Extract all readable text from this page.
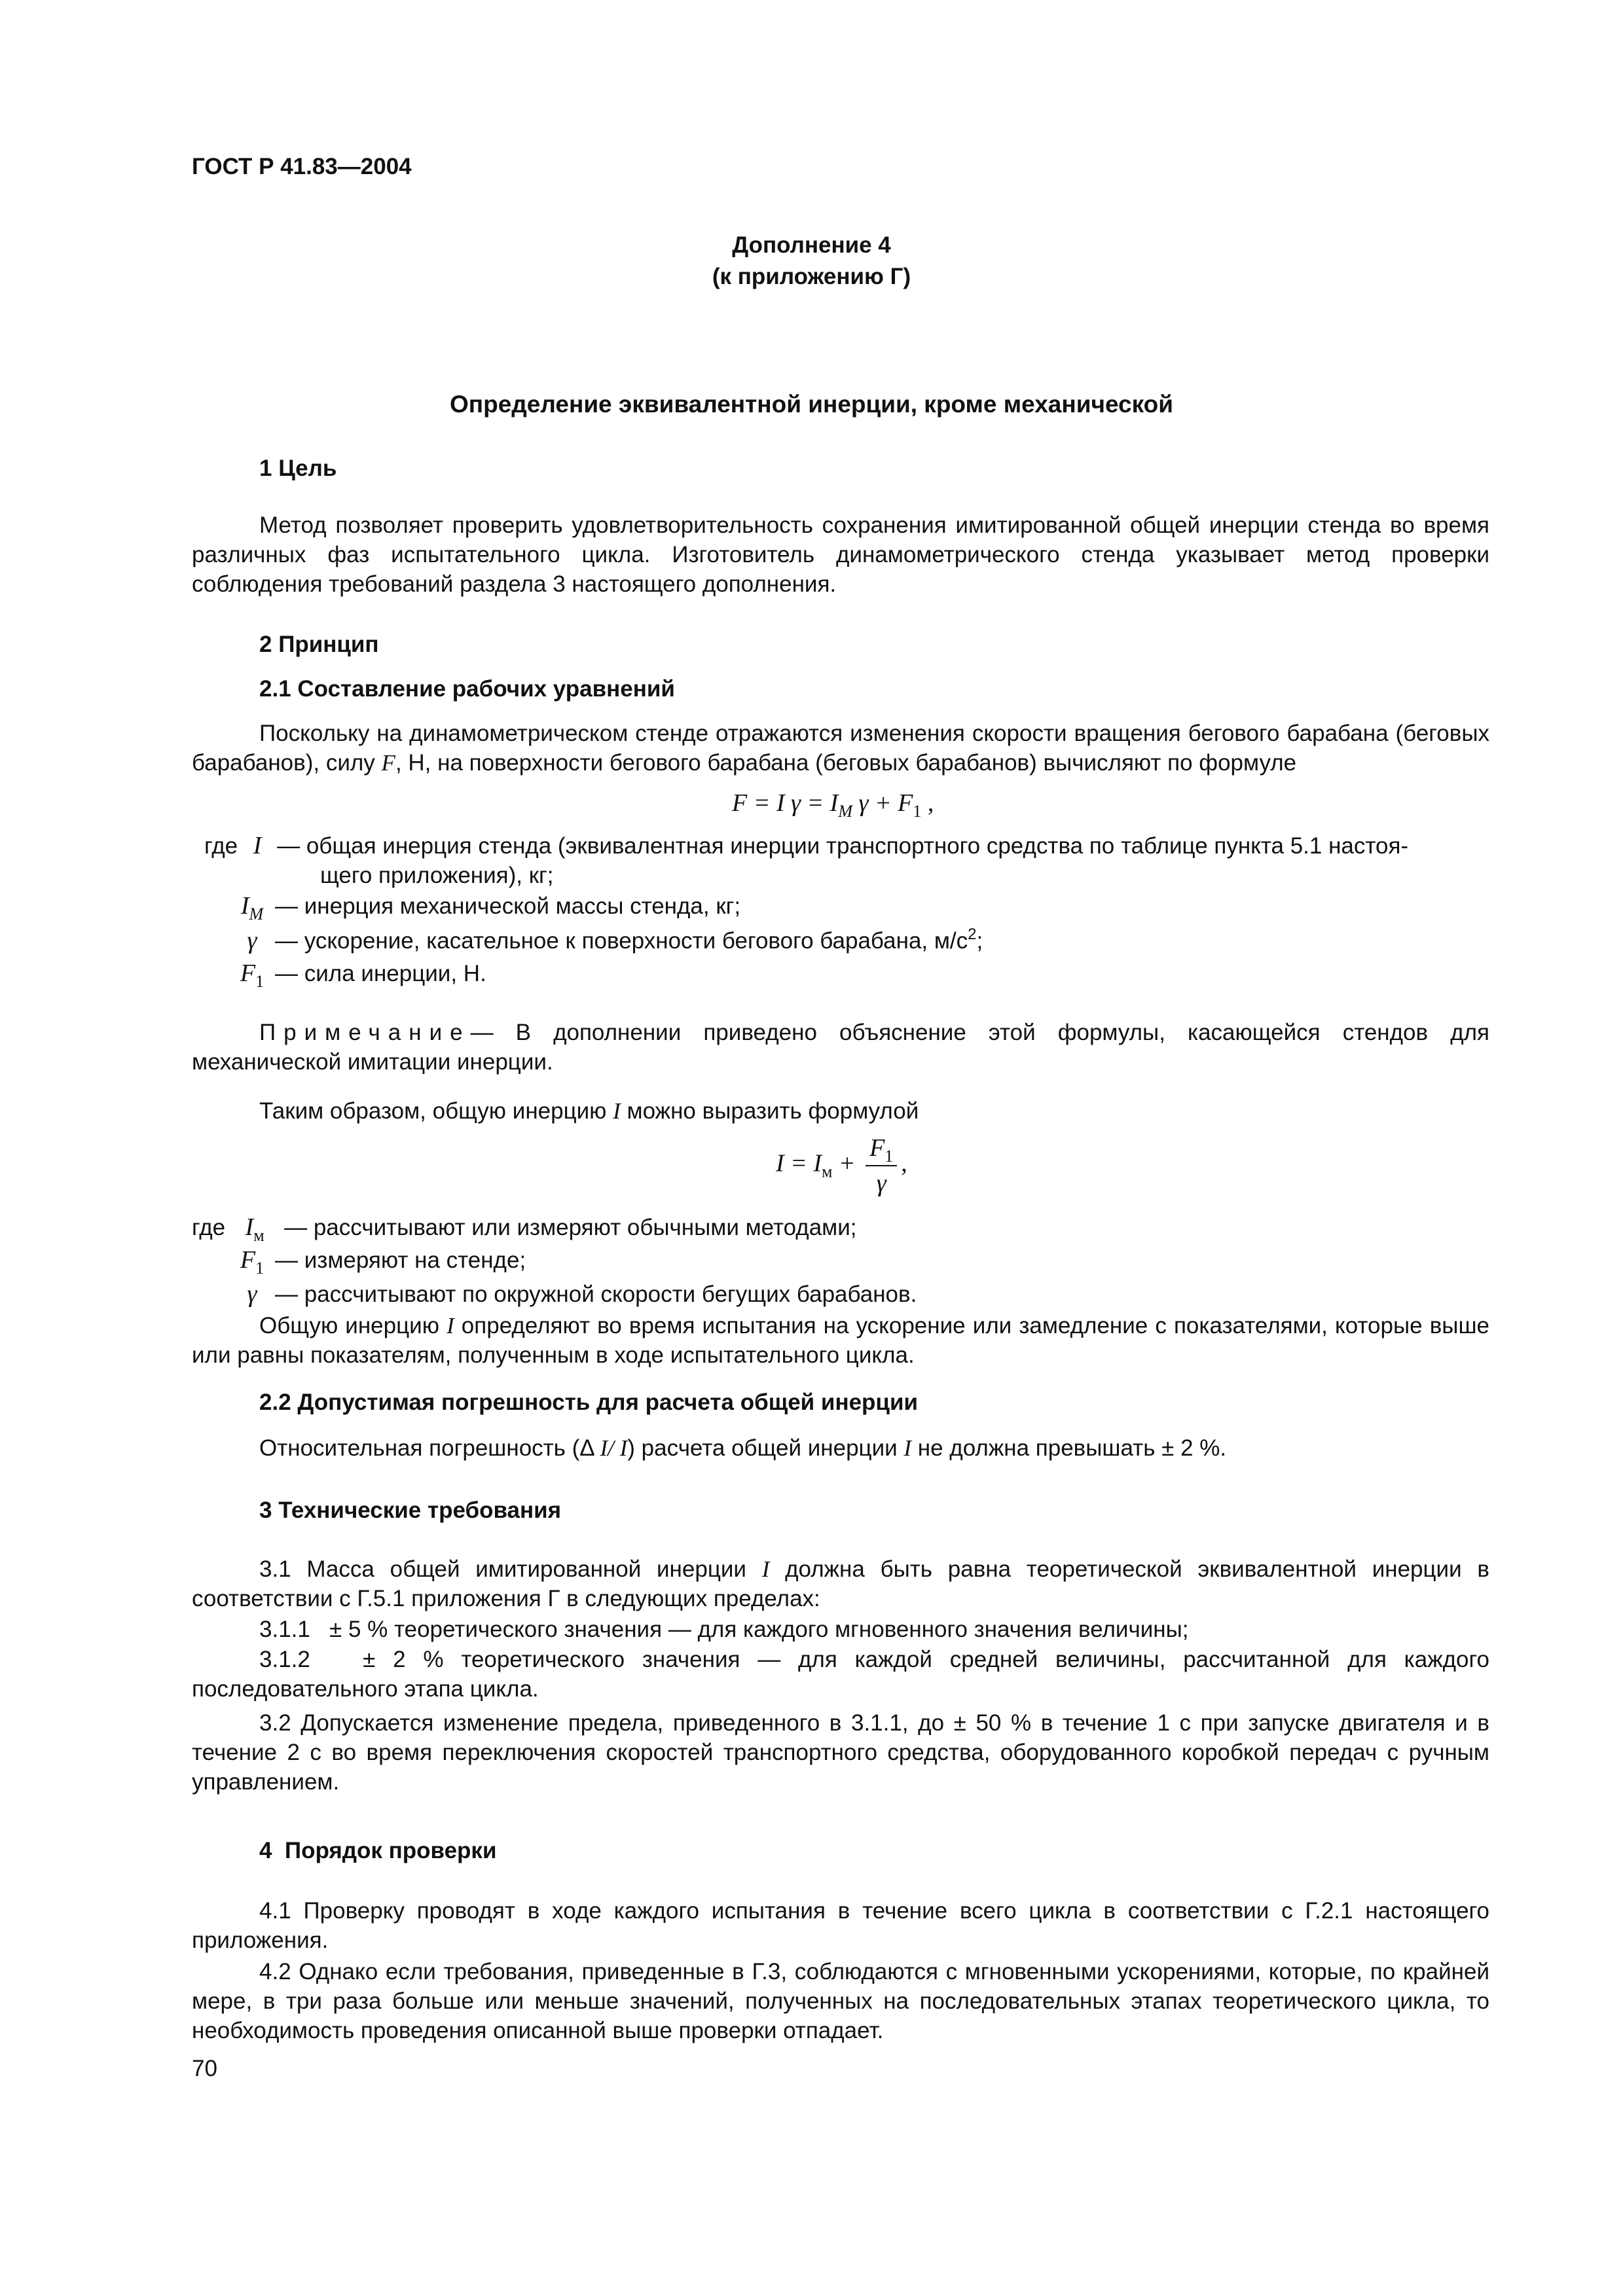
ГОСТ Р 41.83—2004

Дополнение 4

(к приложению Г)

Определение эквивалентной инерции, кроме механической

1 Цель

Метод позволяет проверить удовлетворительность сохранения имитированной общей инерции стенда во время различных фаз испытательного цикла. Изготовитель динамометрического стенда указывает метод проверки соблюдения требований раздела 3 настоящего дополнения.

2 Принцип

2.1 Составление рабочих уравнений

Поскольку на динамометрическом стенде отражаются изменения скорости вращения бегового барабана (беговых барабанов), силу F, Н, на поверхности бегового барабана (беговых барабанов) вычисляют по формуле

F = I $\gamma = I_M$ $\gamma + F_1$ ,

где I — общая инерция стенда (эквивалентная инерции транспортного средства по таблице пункта 5.1 настоя-

щего приложения), кг;

$I_M$ — инерция механической массы стенда, кг;

γ — ускорение, касательное к поверхности бегового барабана, $м/с^2$;

$F_1$ — сила инерции, Н.

Примечание— В дополнении приведено объяснение этой формулы, касающейся стендов для механической имитации инерции.

Таким образом, общую инерцию I можно выразить формулой

$I = I_м + \frac{F_1}{\gamma}$ ,

где $I_м$ — рассчитывают или измеряют обычными методами;

$F_1$ — измеряют на стенде;

γ — рассчитывают по окружной скорости бегущих барабанов.

Общую инерцию I определяют во время испытания на ускорение или замедление с показателями, которые выше или равны показателям, полученным в ходе испытательного цикла.

2.2 Допустимая погрешность для расчета общей инерции

Относительная погрешность (Δ I/ I) расчета общей инерции I не должна превышать ± 2 %.

3 Технические требования

3.1 Масса общей имитированной инерции I должна быть равна теоретической эквивалентной инерции в соответствии с Г.5.1 приложения Г в следующих пределах:

3.1.1   ± 5 % теоретического значения — для каждого мгновенного значения величины;

3.1.2   ± 2 % теоретического значения — для каждой средней величины, рассчитанной для каждого последовательного этапа цикла.

3.2 Допускается изменение предела, приведенного в 3.1.1, до ± 50 % в течение 1 с при запуске двигателя и в течение 2 с во время переключения скоростей транспортного средства, оборудованного коробкой передач с ручным управлением.

4  Порядок проверки

4.1 Проверку проводят в ходе каждого испытания в течение всего цикла в соответствии с Г.2.1 настоящего приложения.

4.2 Однако если требования, приведенные в Г.3, соблюдаются с мгновенными ускорениями, которые, по крайней мере, в три раза больше или меньше значений, полученных на последовательных этапах теоретического цикла, то необходимость проведения описанной выше проверки отпадает.

70
